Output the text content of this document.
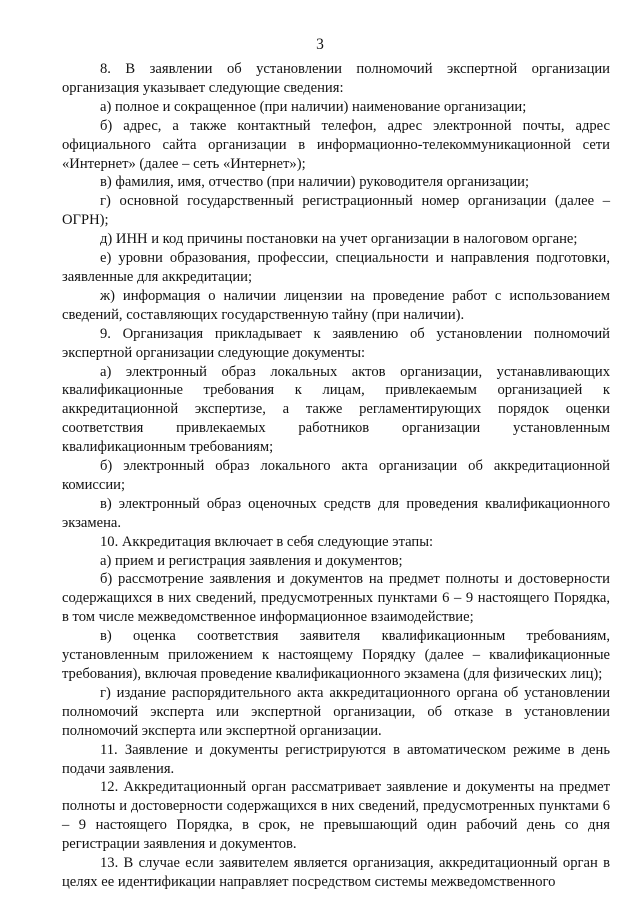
3

8. В заявлении об установлении полномочий экспертной организации организация указывает следующие сведения:

а) полное и сокращенное (при наличии) наименование организации;

б) адрес, а также контактный телефон, адрес электронной почты, адрес официального сайта организации в информационно-телекоммуникационной сети «Интернет» (далее – сеть «Интернет»);

в) фамилия, имя, отчество (при наличии) руководителя организации;

г) основной государственный регистрационный номер организации (далее – ОГРН);

д) ИНН и код причины постановки на учет организации в налоговом органе;

е) уровни образования, профессии, специальности и направления подготовки, заявленные для аккредитации;

ж) информация о наличии лицензии на проведение работ с использованием сведений, составляющих государственную тайну (при наличии).

9. Организация прикладывает к заявлению об установлении полномочий экспертной организации следующие документы:

а) электронный образ локальных актов организации, устанавливающих квалификационные требования к лицам, привлекаемым организацией к аккредитационной экспертизе, а также регламентирующих порядок оценки соответствия привлекаемых работников организации установленным квалификационным требованиям;

б) электронный образ локального акта организации об аккредитационной комиссии;

в) электронный образ оценочных средств для проведения квалификационного экзамена.

10. Аккредитация включает в себя следующие этапы:

а) прием и регистрация заявления и документов;

б) рассмотрение заявления и документов на предмет полноты и достоверности содержащихся в них сведений, предусмотренных пунктами 6 – 9 настоящего Порядка, в том числе межведомственное информационное взаимодействие;

в) оценка соответствия заявителя квалификационным требованиям, установленным приложением к настоящему Порядку (далее – квалификационные требования), включая проведение квалификационного экзамена (для физических лиц);

г) издание распорядительного акта аккредитационного органа об установлении полномочий эксперта или экспертной организации, об отказе в установлении полномочий эксперта или экспертной организации.

11. Заявление и документы регистрируются в автоматическом режиме в день подачи заявления.

12. Аккредитационный орган рассматривает заявление и документы на предмет полноты и достоверности содержащихся в них сведений, предусмотренных пунктами 6 – 9 настоящего Порядка, в срок, не превышающий один рабочий день со дня регистрации заявления и документов.

13. В случае если заявителем является организация, аккредитационный орган в целях ее идентификации направляет посредством системы межведомственного
